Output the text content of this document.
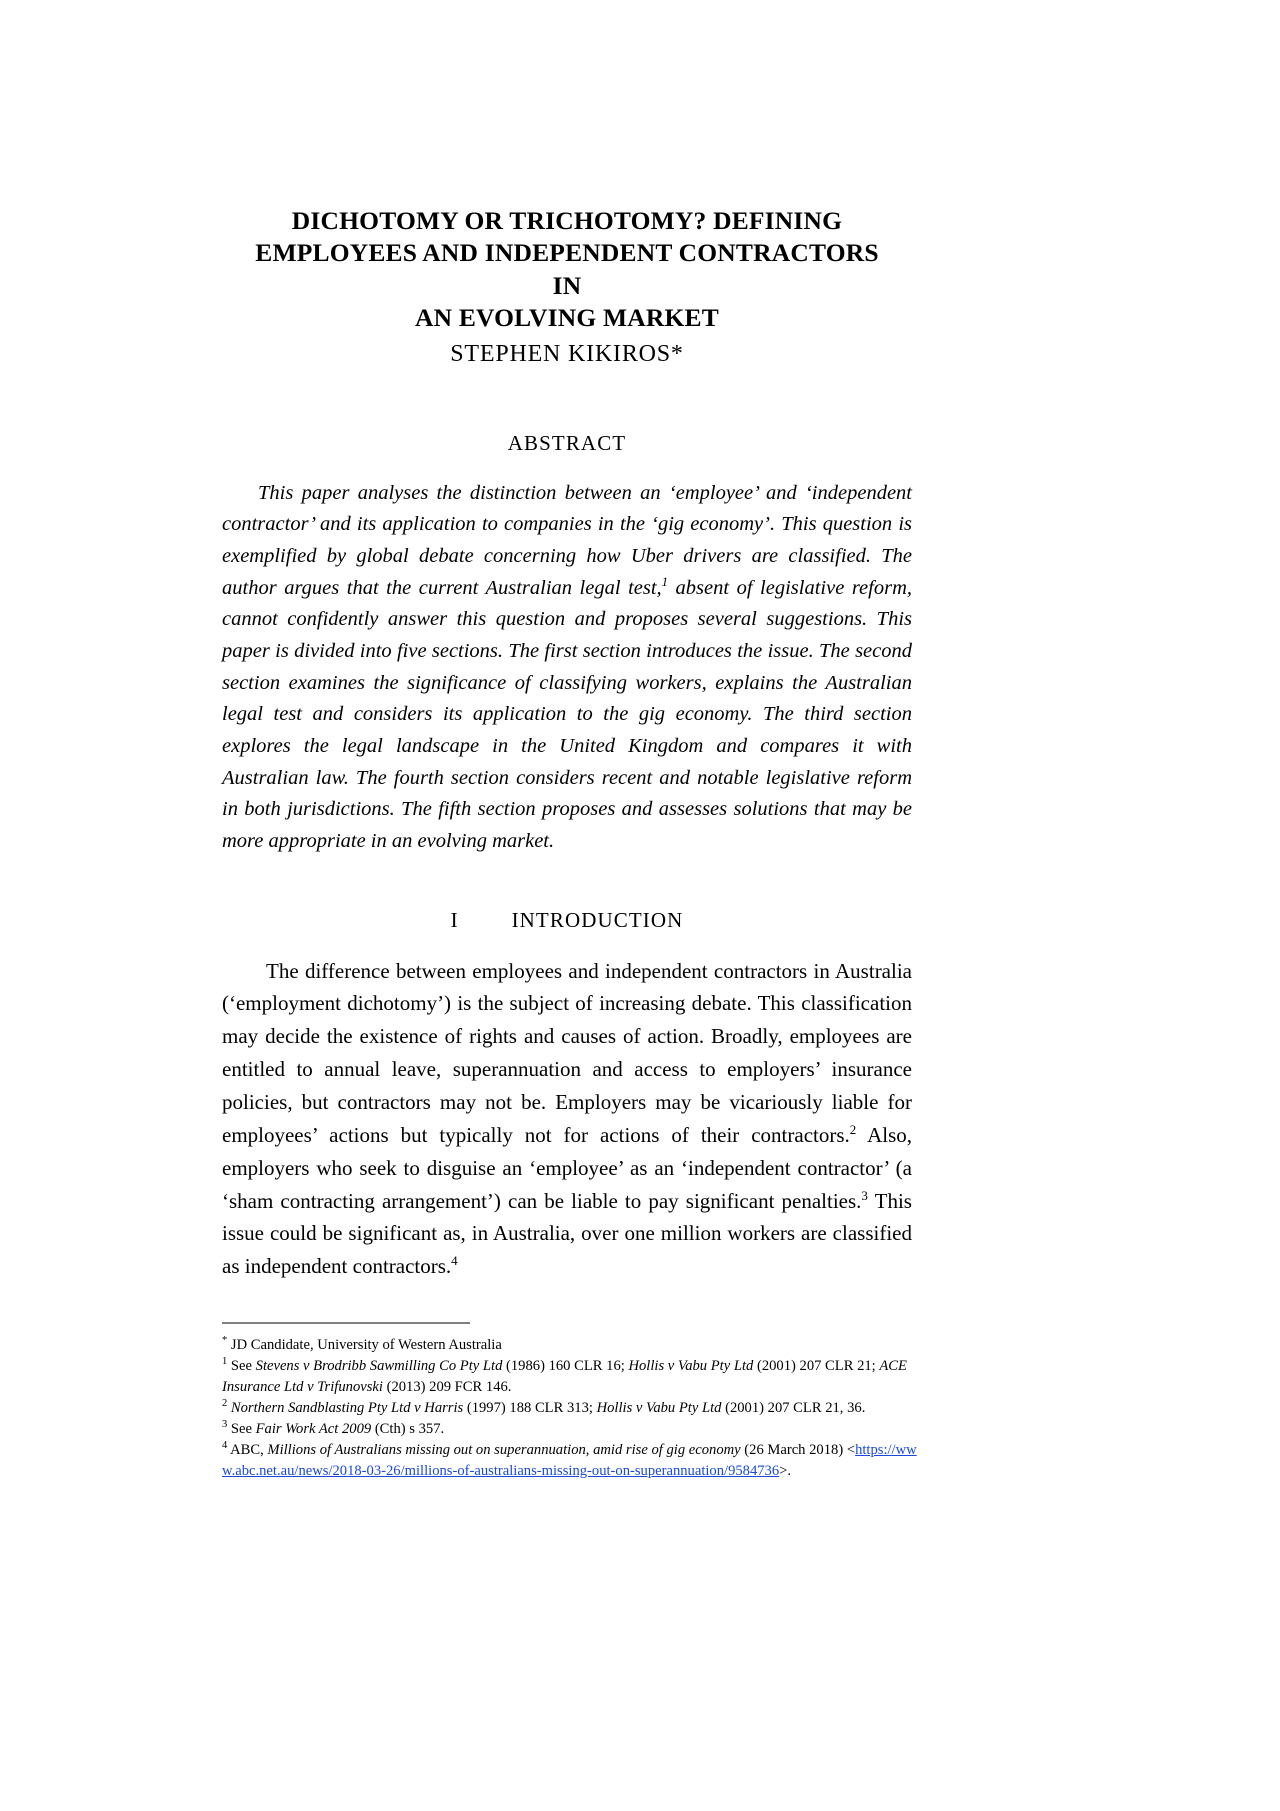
DICHOTOMY OR TRICHOTOMY? DEFINING
EMPLOYEES AND INDEPENDENT CONTRACTORS IN
AN EVOLVING MARKET
STEPHEN KIKIROS*
ABSTRACT

This paper analyses the distinction between an ‘employee’ and ‘independent contractor’ and its application to companies in the ‘gig economy’. This question is exemplified by global debate concerning how Uber drivers are classified. The author argues that the current Australian legal test,$^1$ absent of legislative reform, cannot confidently answer this question and proposes several suggestions. This paper is divided into five sections. The first section introduces the issue. The second section examines the significance of classifying workers, explains the Australian legal test and considers its application to the gig economy. The third section explores the legal landscape in the United Kingdom and compares it with Australian law. The fourth section considers recent and notable legislative reform in both jurisdictions. The fifth section proposes and assesses solutions that may be more appropriate in an evolving market.

I	INTRODUCTION

The difference between employees and independent contractors in Australia (‘employment dichotomy’) is the subject of increasing debate. This classification may decide the existence of rights and causes of action. Broadly, employees are entitled to annual leave, superannuation and access to employers’ insurance policies, but contractors may not be. Employers may be vicariously liable for employees’ actions but typically not for actions of their contractors.$^2$ Also, employers who seek to disguise an ‘employee’ as an ‘independent contractor’ (a ‘sham contracting arrangement’) can be liable to pay significant penalties.$^3$ This issue could be significant as, in Australia, over one million workers are classified as independent contractors.$^4$

* JD Candidate, University of Western Australia

$^1$ See Stevens v Brodribb Sawmilling Co Pty Ltd (1986) 160 CLR 16; Hollis v Vabu Pty Ltd (2001) 207 CLR 21; ACE Insurance Ltd v Trifunovski (2013) 209 FCR 146.

$^2$ Northern Sandblasting Pty Ltd v Harris (1997) 188 CLR 313; Hollis v Vabu Pty Ltd (2001) 207 CLR 21, 36.

$^3$ See Fair Work Act 2009 (Cth) s 357.

$^4$ ABC, Millions of Australians missing out on superannuation, amid rise of gig economy (26 March 2018) <https://www.abc.net.au/news/2018-03-26/millions-of-australians-missing-out-on-superannuation/9584736>.
